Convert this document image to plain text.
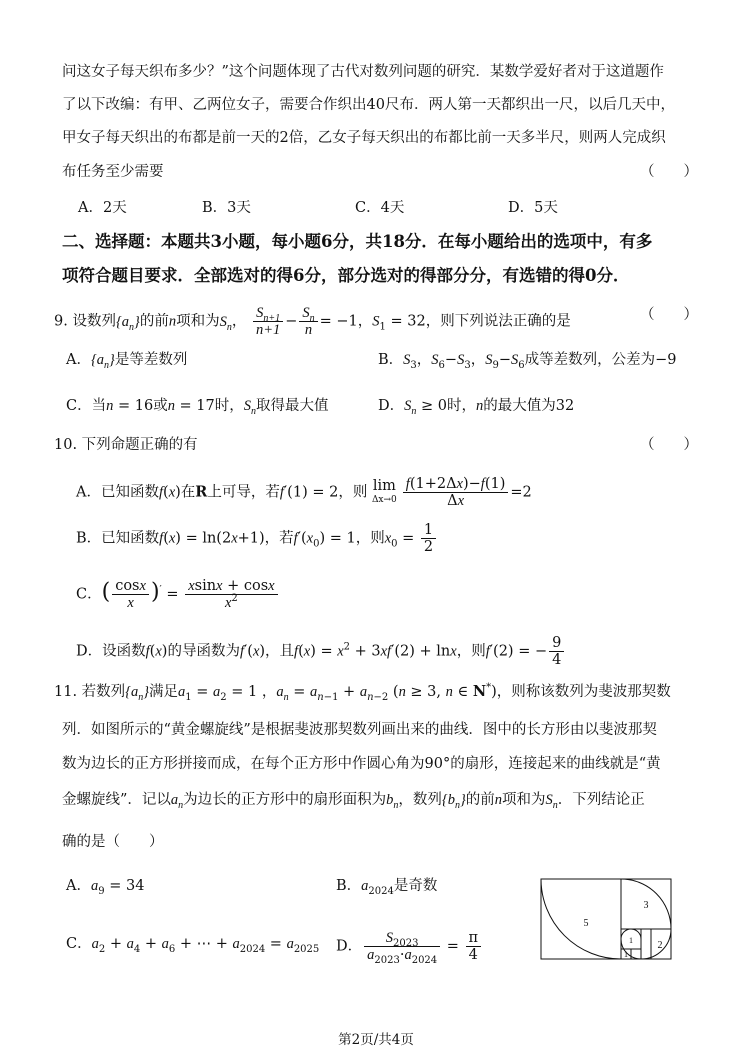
问这女子每天织布多少？”这个问题体现了古代对数列问题的研究．某数学爱好者对于这道题作
了以下改编：有甲、乙两位女子，需要合作织出40尺布．两人第一天都织出一尺，以后几天中，
甲女子每天织出的布都是前一天的2倍，乙女子每天织出的布都比前一天多半尺，则两人完成织
布任务至少需要	（　　）
A．2天	B．3天	C．4天	D．5天
二、选择题：本题共3小题，每小题6分，共18分．在每小题给出的选项中，有多
项符合题目要求．全部选对的得6分，部分选对的得部分分，有选错的得0分．
9. 设数列$\{a_n\}$的前n项和为$S_n$， $\frac{S_{n+1}}{n+1} - \frac{S_n}{n} = -1$，$S_1 = 32$，则下列说法正确的是	（　　）
A．$\{a_n\}$是等差数列	B．$S_3$，$S_6-S_3$，$S_9-S_6$成等差数列，公差为−9
C．当n = 16或n = 17时，$S_n$取得最大值	D．$S_n \ge 0$时，n的最大值为32
10. 下列命题正确的有	（　　）
A．已知函数f(x)在R上可导，若f′(1) = 2，则 lim
$\Delta x\to 0 \frac{f(1+2\Delta x)-f(1)}{\Delta x} =2$
B．已知函数f(x) = ln(2x+1)，若$f'(x_0) = 1$，则$x_0 = \frac{1}{2}$
C．( $\frac{\cos x}{x} )' = \frac{xsinx + \cos x}{x^2}$
D．设函数f(x)的导函数为f′(x)，且$f(x) = x^2 + 3xf'(2) + \ln x$，则f′(2) = − $\frac{9}{4}$
11. 若数列$\{a_n\}$满足$a_1 = a_2 = 1$ ，$a_n = a_{n-1} + a_{n-2}$ (n ≥ 3, n ∈ N*)，则称该数列为斐波那契数
列．如图所示的“黄金螺旋线”是根据斐波那契数列画出来的曲线．图中的长方形由以斐波那契
数为边长的正方形拼接而成，在每个正方形中作圆心角为90°的扇形，连接起来的曲线就是“黄
金螺旋线”．记以$a_n$为边长的正方形中的扇形面积为$b_n$，数列$\{b_n\}$的前n项和为$S_n$．下列结论正
确的是（　　）
A．$a_9 = 34$	B．$a_{2024}$是奇数
C．$a_2 + a_4 + a_6$ + ⋯ + $a_{2024} = a_{2025}$ D． $\frac{S_{2023}}{a_{2023}\cdot a_{2024}} = \frac{\pi}{4}$
5
3
2
1
1
第2页/共4页
